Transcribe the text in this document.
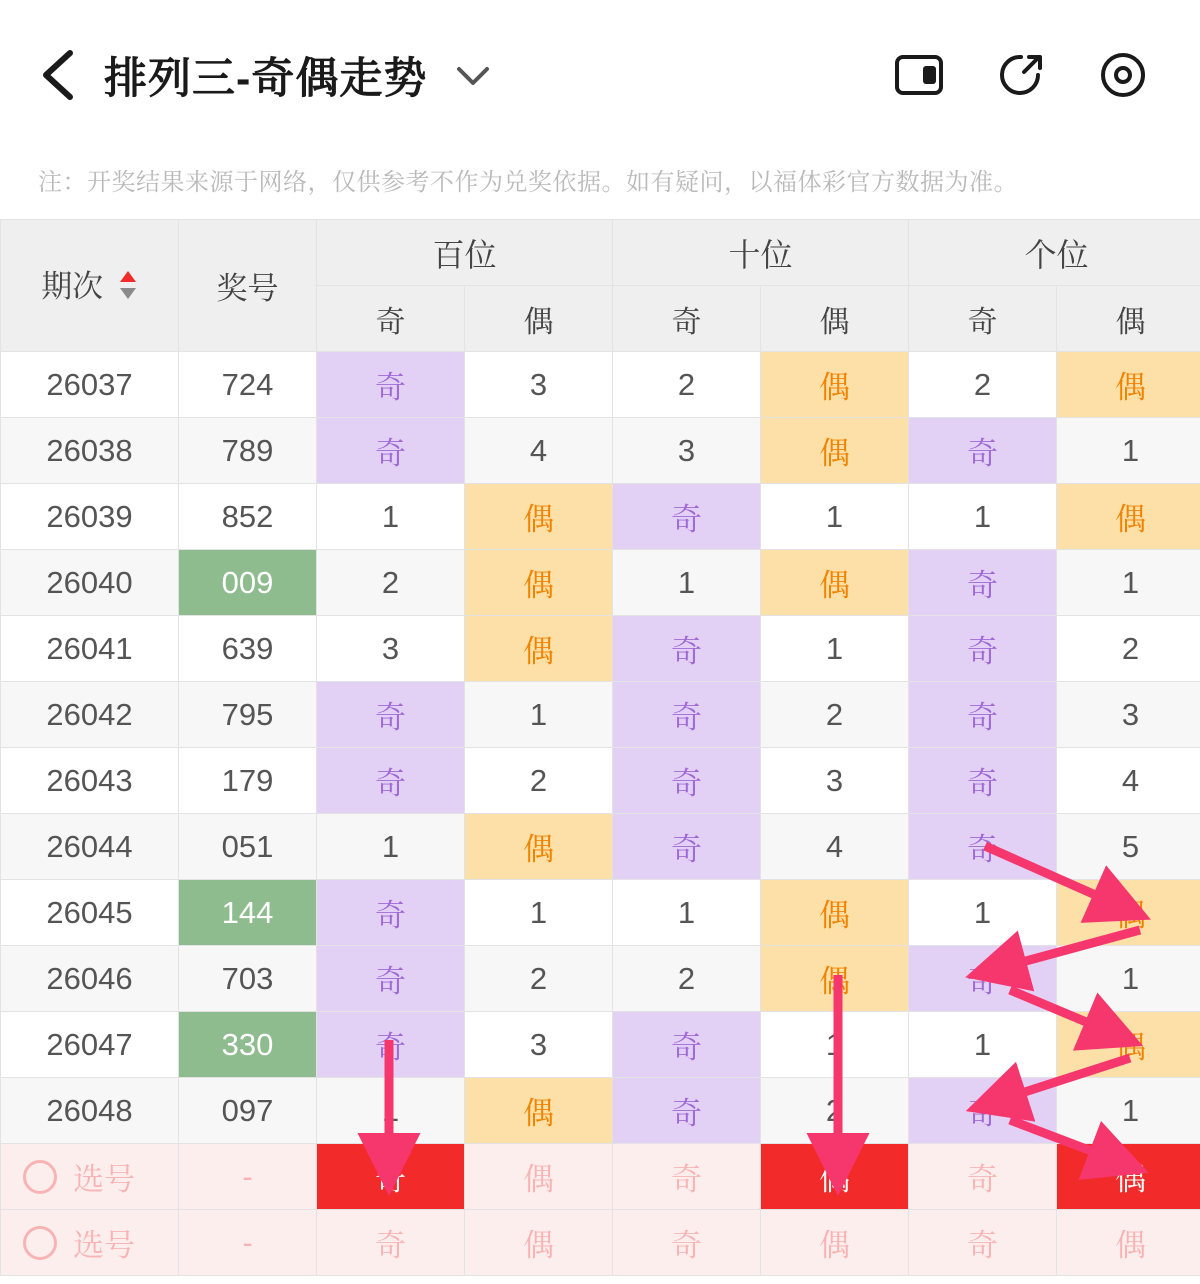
排列三-奇偶走势
注：开奖结果来源于网络，仅供参考不作为兑奖依据。如有疑问，以福体彩官方数据为准。
期次	奖号	百位		十位		个位	
		奇	偶	奇	偶	奇	偶
26037	724	奇	3	2	偶	2	偶
26038	789	奇	4	3	偶	奇	1
26039	852	1	偶	奇	1	1	偶
26040	009	2	偶	1	偶	奇	1
26041	639	3	偶	奇	1	奇	2
26042	795	奇	1	奇	2	奇	3
26043	179	奇	2	奇	3	奇	4
26044	051	1	偶	奇	4	奇	5
26045	144	奇	1	1	偶	1	偶
26046	703	奇	2	2	偶	奇	1
26047	330	奇	3	奇	1	1	偶
26048	097	1	偶	奇	2	奇	1

选号	-	奇	偶	奇	偶	奇	偶

选号	-	奇	偶	奇	偶	奇	偶
